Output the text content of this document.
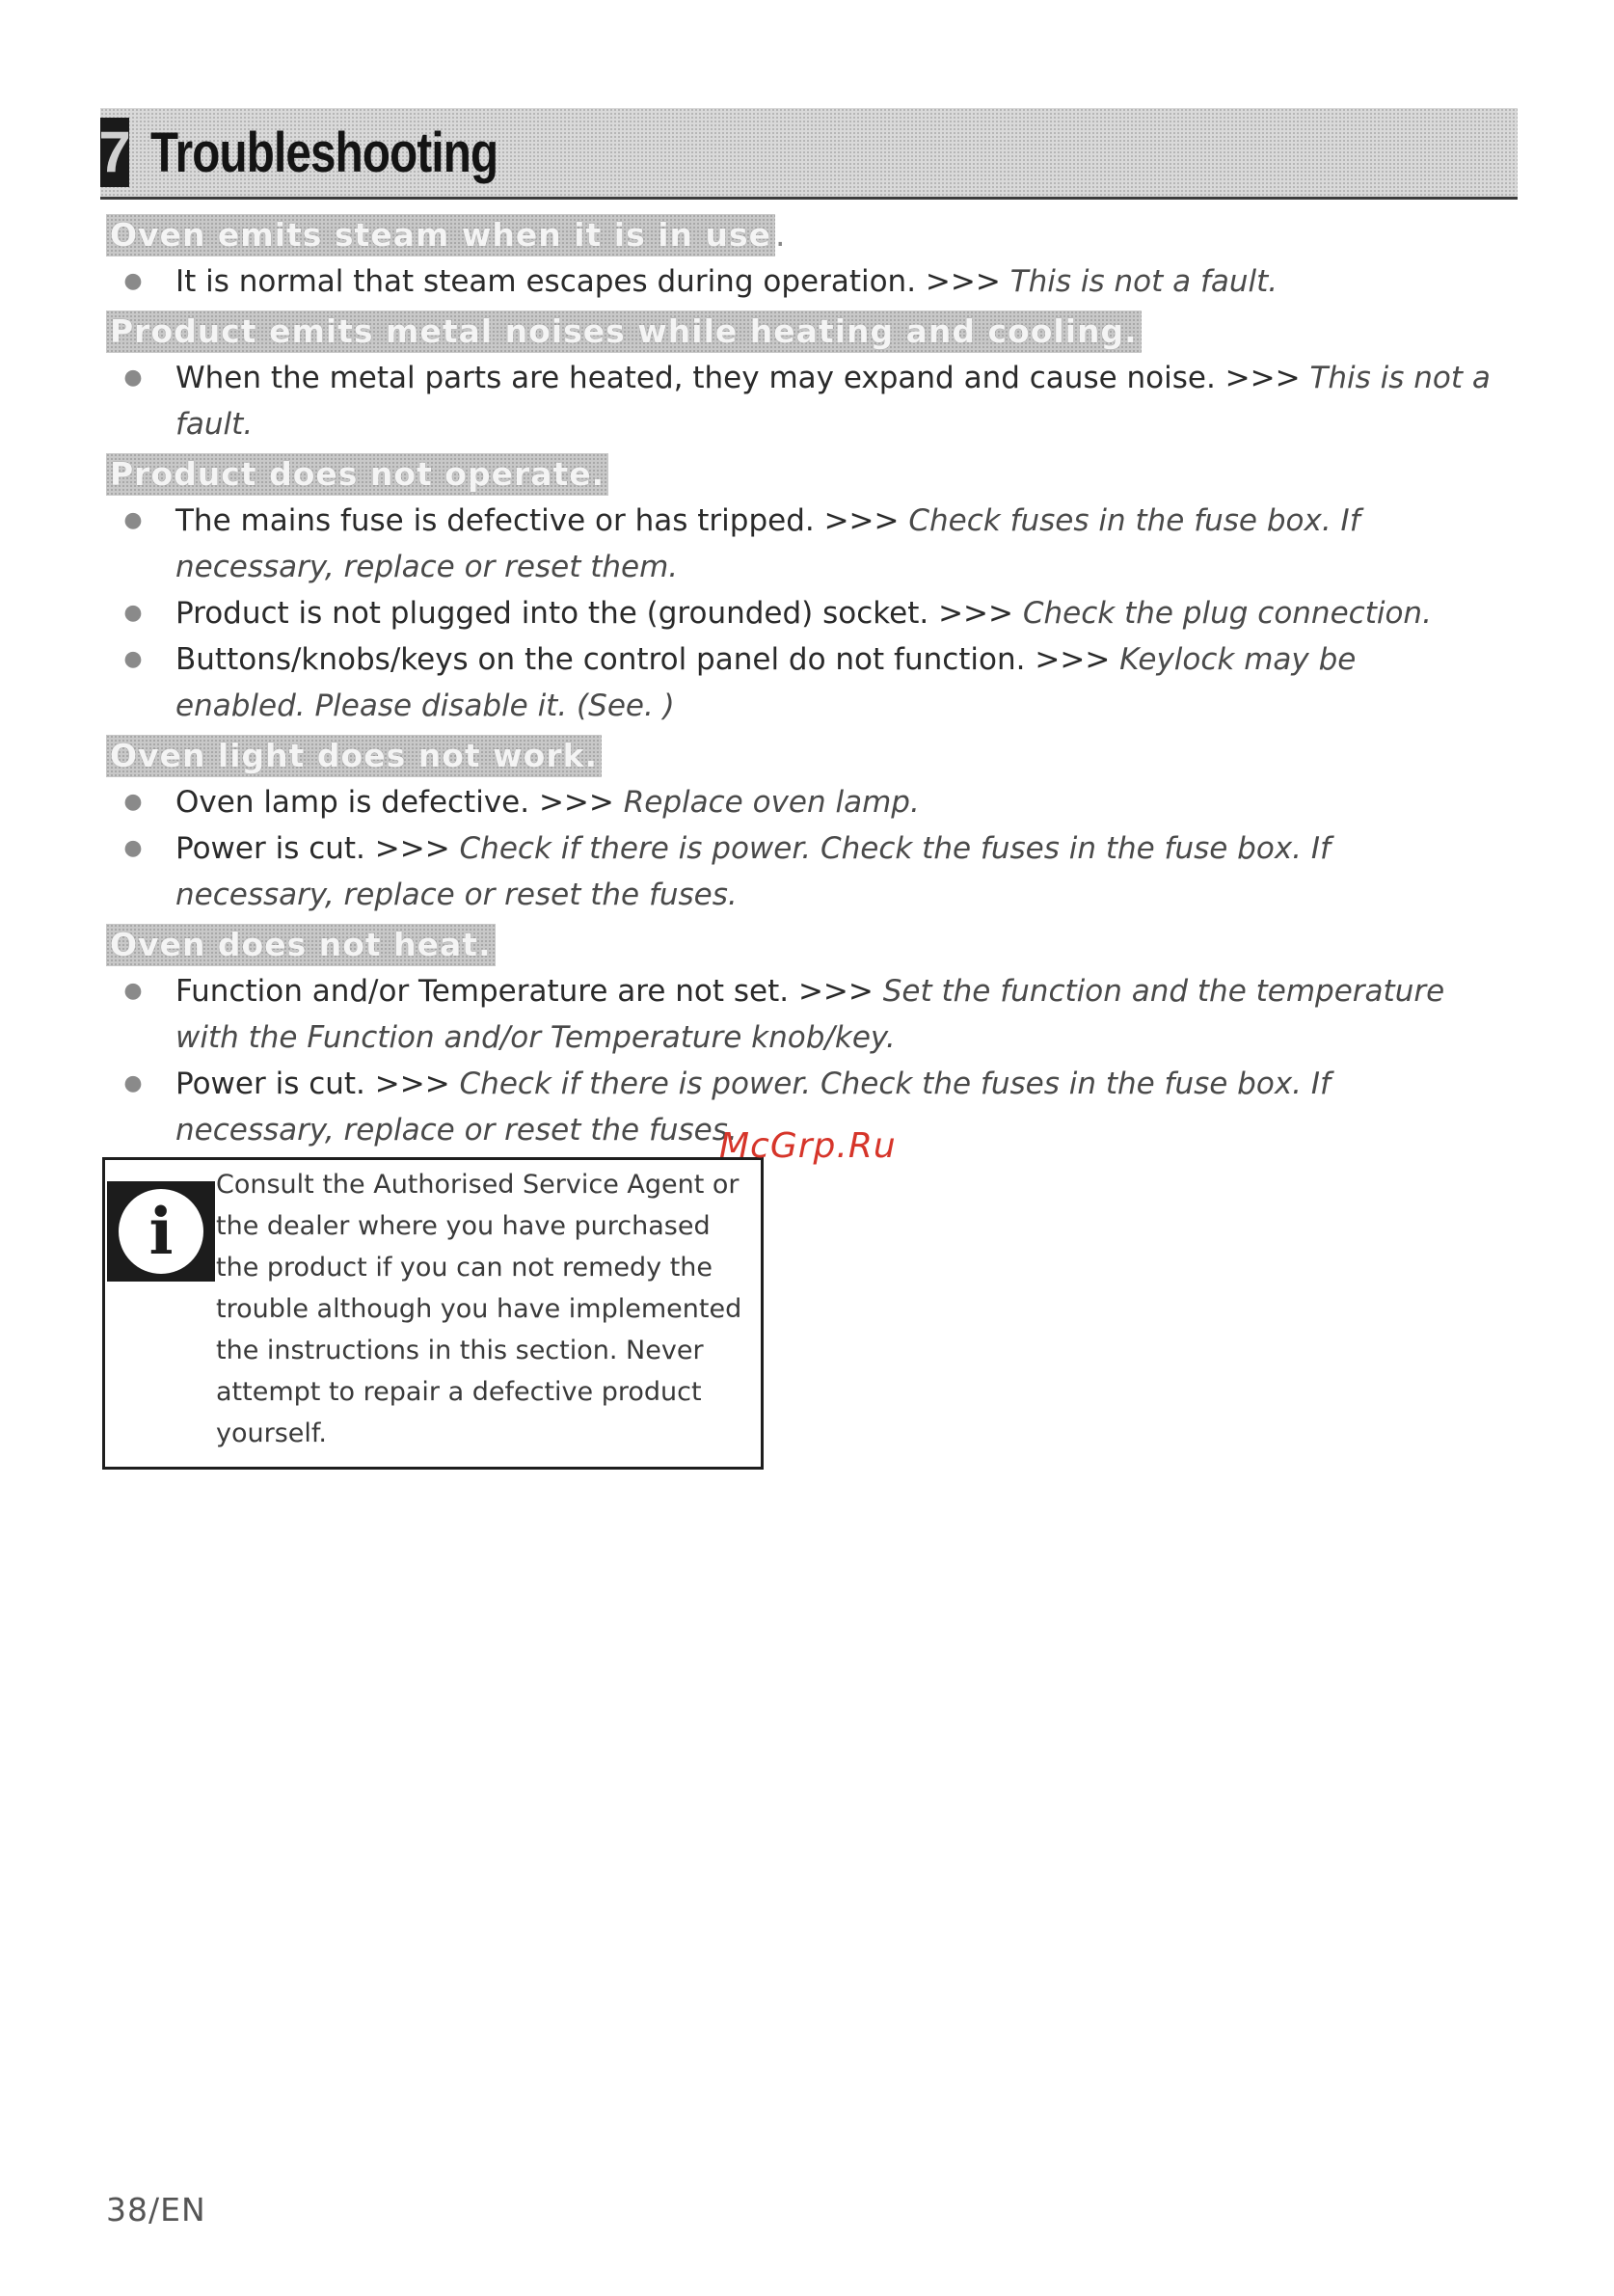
7 Troubleshooting
Oven emits steam when it is in use .
● It is normal that steam escapes during operation. >>> This is not a fault.
Product emits metal noises while heating and cooling.
● When the metal parts are heated, they may expand and cause noise. >>> This is not a fault.
Product does not operate.
● The mains fuse is defective or has tripped. >>> Check fuses in the fuse box. If necessary, replace or reset them.
● Product is not plugged into the (grounded) socket. >>> Check the plug connection.
● Buttons/knobs/keys on the control panel do not function. >>> Keylock may be enabled. Please disable it. (See. )
Oven light does not work.
● Oven lamp is defective. >>> Replace oven lamp.
● Power is cut. >>> Check if there is power. Check the fuses in the fuse box. If necessary, replace or reset the fuses.
Oven does not heat.
● Function and/or Temperature are not set. >>> Set the function and the temperature with the Function and/or Temperature knob/key.
● Power is cut. >>> Check if there is power. Check the fuses in the fuse box. If necessary, replace or reset the fuses.
i
Consult the Authorised Service Agent or the dealer where you have purchased the product if you can not remedy the trouble although you have implemented the instructions in this section. Never attempt to repair a defective product yourself.
McGrp.Ru
38/EN
